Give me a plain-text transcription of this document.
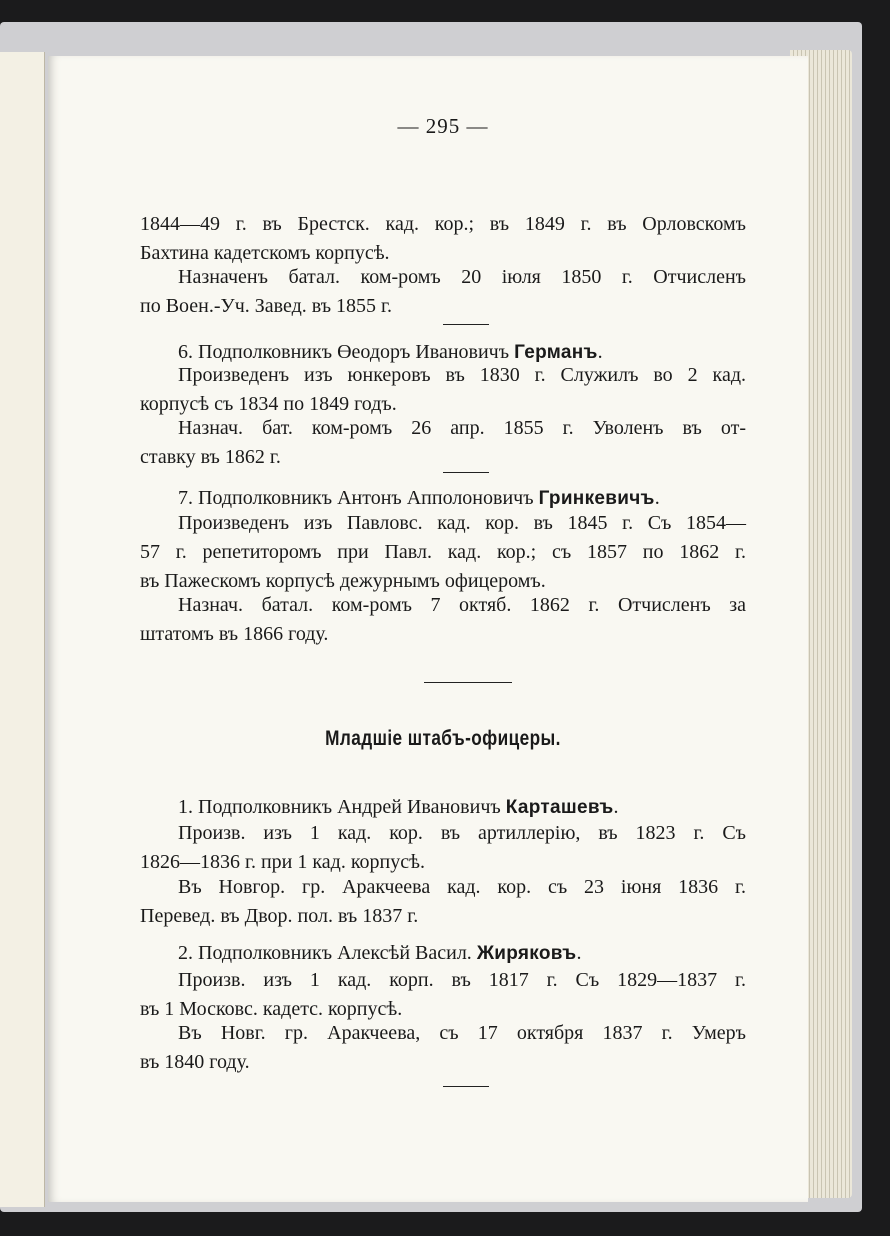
— 295 —
1844—49 г. въ Брестск. кад. кор.; въ 1849 г. въ Орловскомъ
Бахтина кадетскомъ корпусѣ.
Назначенъ батал. ком-ромъ 20 іюля 1850 г. Отчисленъ
по Воен.-Уч. Завед. въ 1855 г.
6. Подполковникъ Өеодоръ Ивановичъ Германъ.
Произведенъ изъ юнкеровъ въ 1830 г. Служилъ во 2 кад.
корпусѣ съ 1834 по 1849 годъ.
Назнач. бат. ком-ромъ 26 апр. 1855 г. Уволенъ въ от-
ставку въ 1862 г.
7. Подполковникъ Антонъ Апполоновичъ Гринкевичъ.
Произведенъ изъ Павловс. кад. кор. въ 1845 г. Съ 1854—
57 г. репетиторомъ при Павл. кад. кор.; съ 1857 по 1862 г.
въ Пажескомъ корпусѣ дежурнымъ офицеромъ.
Назнач. батал. ком-ромъ 7 октяб. 1862 г. Отчисленъ за
штатомъ въ 1866 году.
Младшіе штабъ-офицеры.
1. Подполковникъ Андрей Ивановичъ Карташевъ.
Произв. изъ 1 кад. кор. въ артиллерію, въ 1823 г. Съ
1826—1836 г. при 1 кад. корпусѣ.
Въ Новгор. гр. Аракчеева кад. кор. съ 23 іюня 1836 г.
Перевед. въ Двор. пол. въ 1837 г.
2. Подполковникъ Алексѣй Васил. Жиряковъ.
Произв. изъ 1 кад. корп. въ 1817 г. Съ 1829—1837 г.
въ 1 Московс. кадетс. корпусѣ.
Въ Новг. гр. Аракчеева, съ 17 октября 1837 г. Умеръ
въ 1840 году.
